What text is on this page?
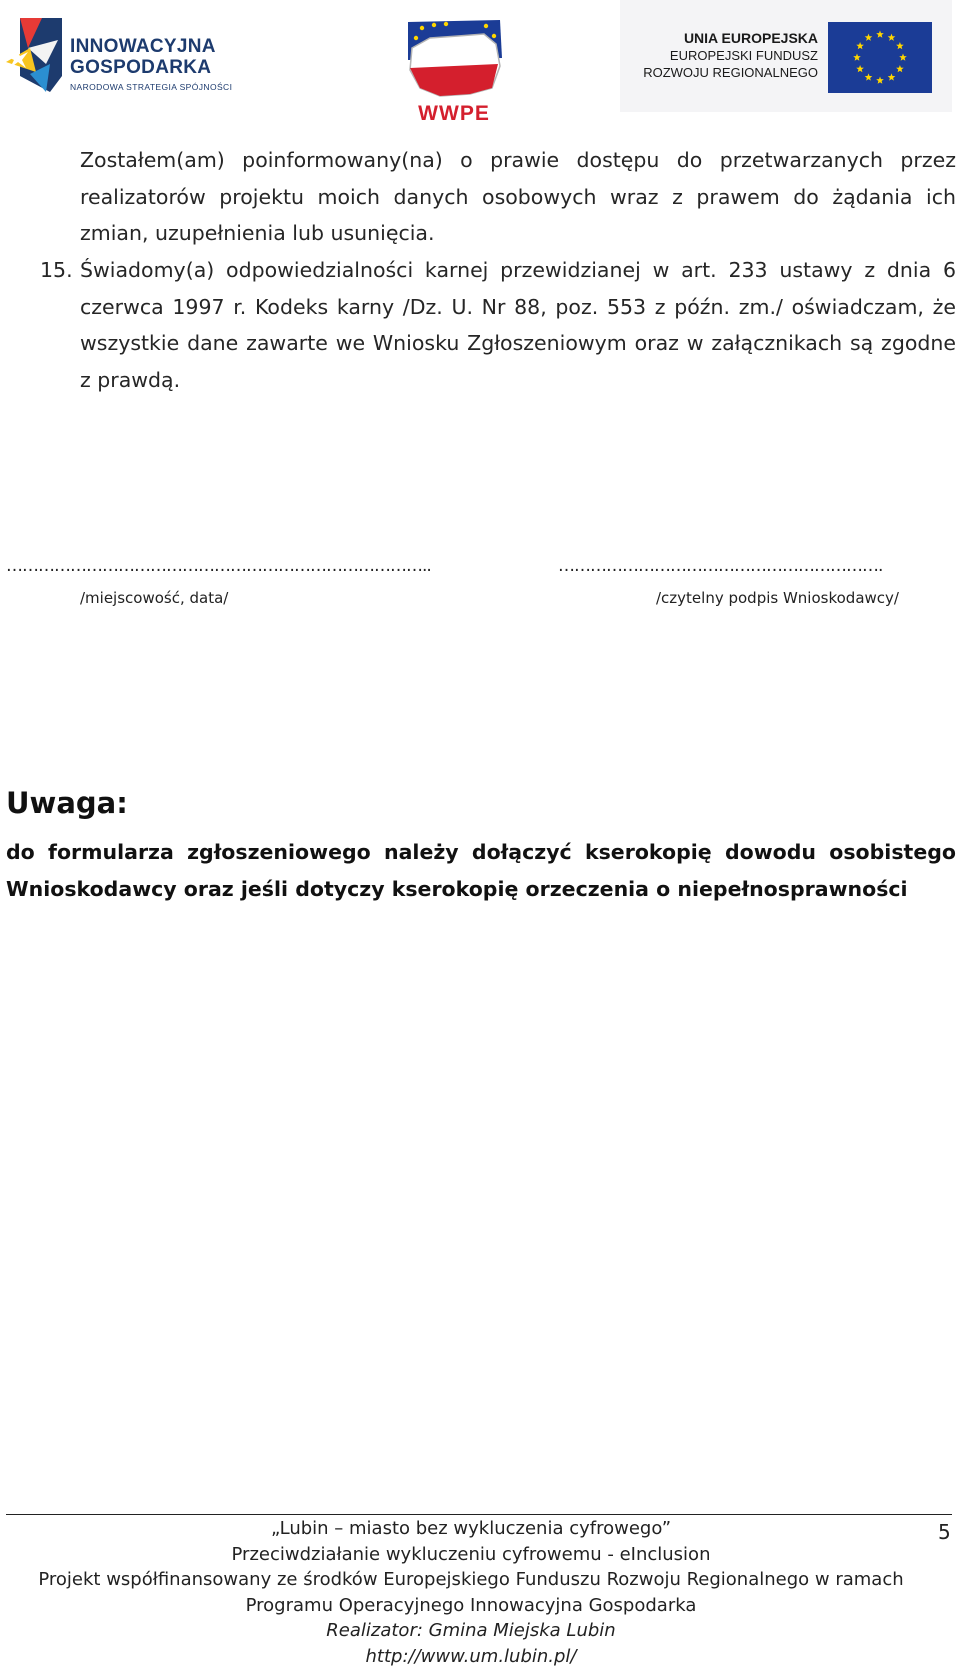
INNOWACYJNA
GOSPODARKA
NARODOWA STRATEGIA SPÓJNOŚCI
WWPE
UNIA EUROPEJSKA
EUROPEJSKI FUNDUSZ
ROZWOJU REGIONALNEGO

Zostałem(am) poinformowany(na) o prawie dostępu do przetwarzanych przez realizatorów projektu moich danych osobowych wraz z prawem do żądania ich zmian, uzupełnienia lub usunięcia.

15. Świadomy(a) odpowiedzialności karnej przewidzianej w art. 233 ustawy z dnia 6 czerwca 1997 r. Kodeks karny /Dz. U. Nr 88, poz. 553 z późn. zm./ oświadczam, że wszystkie dane zawarte we Wniosku Zgłoszeniowym oraz w załącznikach są zgodne z prawdą.

……………………………………………………………………..	…………………………………………………….
/miejscowość, data/	/czytelny podpis Wnioskodawcy/
Uwaga:
do formularza zgłoszeniowego należy dołączyć kserokopię dowodu osobistego
Wnioskodawcy oraz jeśli dotyczy kserokopię orzeczenia o niepełnosprawności
5
„Lubin – miasto bez wykluczenia cyfrowego”
Przeciwdziałanie wykluczeniu cyfrowemu - eInclusion
Projekt współfinansowany ze środków Europejskiego Funduszu Rozwoju Regionalnego w ramach
Programu Operacyjnego Innowacyjna Gospodarka
Realizator: Gmina Miejska Lubin
http://www.um.lubin.pl/
